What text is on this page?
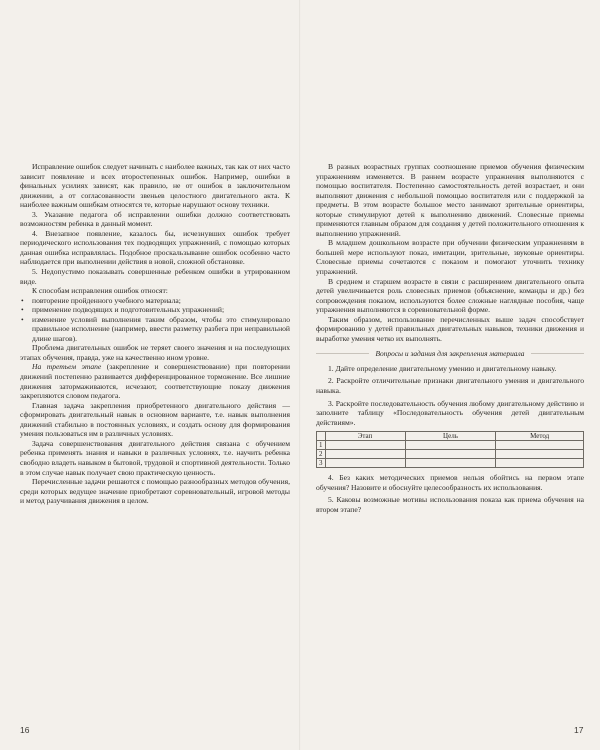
Исправление ошибок следует начинать с наиболее важных, так как от них часто зависит появление и всех второстепенных ошибок. Например, ошибки в финальных усилиях зависят, как правило, не от ошибок в заключительном движении, а от согласованности звеньев целостного двигательного акта. К наиболее важным ошибкам относятся те, которые нарушают основу техники.

3. Указание педагога об исправлении ошибки должно соответствовать возможностям ребенка в данный момент.

4. Внезапное появление, казалось бы, исчезнувших ошибок требует периодического использования тех подводящих упражнений, с помощью которых данная ошибка исправлялась. Подобное проскальзывание ошибок особенно часто наблюдается при выполнении действия в новой, сложной обстановке.

5. Недопустимо показывать совершенные ребенком ошибки в утрированном виде.

К способам исправления ошибок относят:

• повторение пройденного учебного материала;
• применение подводящих и подготовительных упражнений;
• изменение условий выполнения таким образом, чтобы это стимулировало правильное исполнение (например, ввести разметку разбега при неправильной длине шагов).

Проблема двигательных ошибок не теряет своего значения и на последующих этапах обучения, правда, уже на качественно ином уровне.

На третьем этапе (закрепление и совершенствование) при повторении движений постепенно развивается дифференцированное торможение. Все лишние движения затормаживаются, исчезают, соответствующие показу движения закрепляются словом педагога.

Главная задача закрепления приобретенного двигательного действия — сформировать двигательный навык в основном варианте, т.е. навык выполнения движений стабильно в постоянных условиях, и создать основу для формирования умения пользоваться им в различных условиях.

Задача совершенствования двигательного действия связана с обучением ребенка применять знания и навыки в различных условиях, т.е. научить ребенка свободно владеть навыком в бытовой, трудовой и спортивной деятельности. Только в этом случае навык получает свою практическую ценность.

Перечисленные задачи решаются с помощью разнообразных методов обучения, среди которых ведущее значение приобретают соревновательный, игровой методы и метод разучивания движения в целом.

В разных возрастных группах соотношение приемов обучения физическим упражнениям изменяется. В раннем возрасте упражнения выполняются с помощью воспитателя. Постепенно самостоятельность детей возрастает, и они выполняют движения с небольшой помощью воспитателя или с поддержкой за предметы. В этом возрасте большое место занимают зрительные ориентиры, которые стимулируют детей к выполнению движений. Словесные приемы применяются главным образом для создания у детей положительного отношения к выполнению упражнений.

В младшем дошкольном возрасте при обучении физическим упражнениям в большей мере используют показ, имитации, зрительные, звуковые ориентиры. Словесные приемы сочетаются с показом и помогают уточнить технику упражнений.

В среднем и старшем возрасте в связи с расширением двигательного опыта детей увеличивается роль словесных приемов (объяснение, команды и др.) без сопровождения показом, используются более сложные наглядные пособия, чаще упражнения выполняются в соревновательной форме.

Таким образом, использование перечисленных выше задач способствует формированию у детей правильных двигательных навыков, техники движения и выработке умения четко их выполнять.

Вопросы и задания для закрепления материала

1. Дайте определение двигательному умению и двигательному навыку.

2. Раскройте отличительные признаки двигательного умения и двигательного навыка.

3. Раскройте последовательность обучения любому двигательному действию и заполните таблицу «Последовательность обучения детей двигательным действиям».

	Этап	Цель	Метод
1			
2			
3			

4. Без каких методических приемов нельзя обойтись на первом этапе обучения? Назовите и обоснуйте целесообразность их использования.

5. Каковы возможные мотивы использования показа как приема обучения на втором этапе?

16	17
